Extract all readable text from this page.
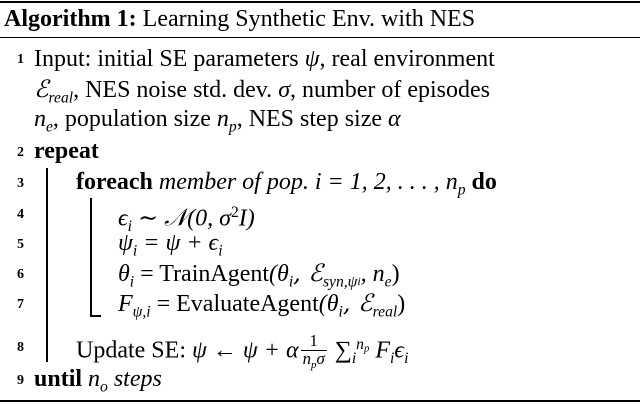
Algorithm 1: Learning Synthetic Env. with NES
1
2
3
4
5
6
7
8
9
Input: initial SE parameters ψ, real environment
ℰ$_{real}$, NES noise std. dev. σ, number of episodes
$n_e$, population size $n_p$, NES step size α
repeat
foreach member of pop. i = 1, 2, . . . , $n_p$ do
$\epsilon_i$ ∼ 𝒩(0, $\sigma^2I$)
$\psi_i = \psi + \epsilon_i$
$\theta_i$ = $TrainAgent(\theta_i$, ℰ$_{syn,\psi i}$, $n_e$)
$F_{\psi,i}$ = $EvaluateAgent(\theta_i$, ℰ$_{real}$)
Update SE: ψ ← ψ + α $\frac{1}{n_p\sigma} \sum_i^{np}$ $F_i\epsilon_i$
until $n_o$ steps
